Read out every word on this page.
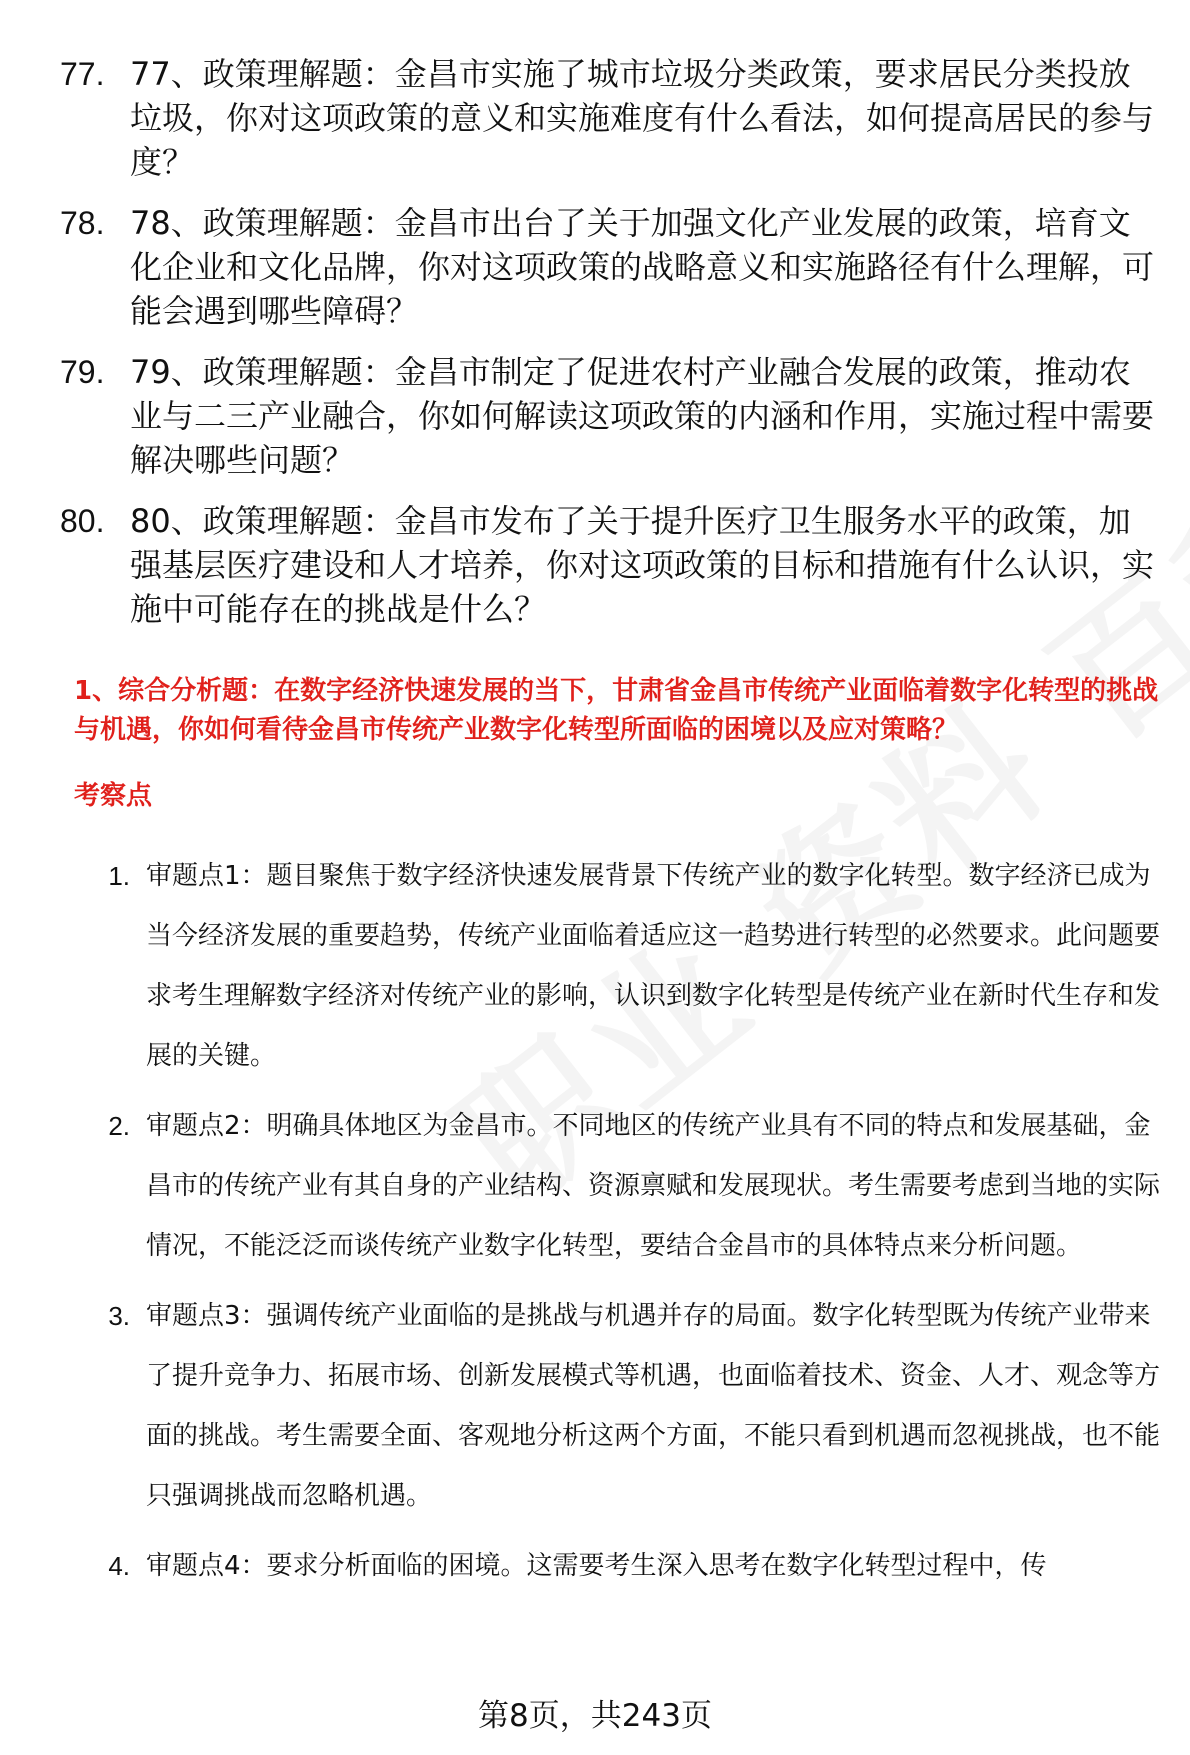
77. 77、政策理解题：金昌市实施了城市垃圾分类政策，要求居民分类投放垃圾，你对这项政策的意义和实施难度有什么看法，如何提高居民的参与度？
78. 78、政策理解题：金昌市出台了关于加强文化产业发展的政策，培育文化企业和文化品牌，你对这项政策的战略意义和实施路径有什么理解，可能会遇到哪些障碍？
79. 79、政策理解题：金昌市制定了促进农村产业融合发展的政策，推动农业与二三产业融合，你如何解读这项政策的内涵和作用，实施过程中需要解决哪些问题？
80. 80、政策理解题：金昌市发布了关于提升医疗卫生服务水平的政策，加强基层医疗建设和人才培养，你对这项政策的目标和措施有什么认识，实施中可能存在的挑战是什么？
1、综合分析题：在数字经济快速发展的当下，甘肃省金昌市传统产业面临着数字化转型的挑战与机遇，你如何看待金昌市传统产业数字化转型所面临的困境以及应对策略？
考察点
1. 审题点1：题目聚焦于数字经济快速发展背景下传统产业的数字化转型。数字经济已成为当今经济发展的重要趋势，传统产业面临着适应这一趋势进行转型的必然要求。此问题要求考生理解数字经济对传统产业的影响，认识到数字化转型是传统产业在新时代生存和发展的关键。
2. 审题点2：明确具体地区为金昌市。不同地区的传统产业具有不同的特点和发展基础，金昌市的传统产业有其自身的产业结构、资源禀赋和发展现状。考生需要考虑到当地的实际情况，不能泛泛而谈传统产业数字化转型，要结合金昌市的具体特点来分析问题。
3. 审题点3：强调传统产业面临的是挑战与机遇并存的局面。数字化转型既为传统产业带来了提升竞争力、拓展市场、创新发展模式等机遇，也面临着技术、资金、人才、观念等方面的挑战。考生需要全面、客观地分析这两个方面，不能只看到机遇而忽视挑战，也不能只强调挑战而忽略机遇。
4. 审题点4：要求分析面临的困境。这需要考生深入思考在数字化转型过程中，传
第8页，共243页
